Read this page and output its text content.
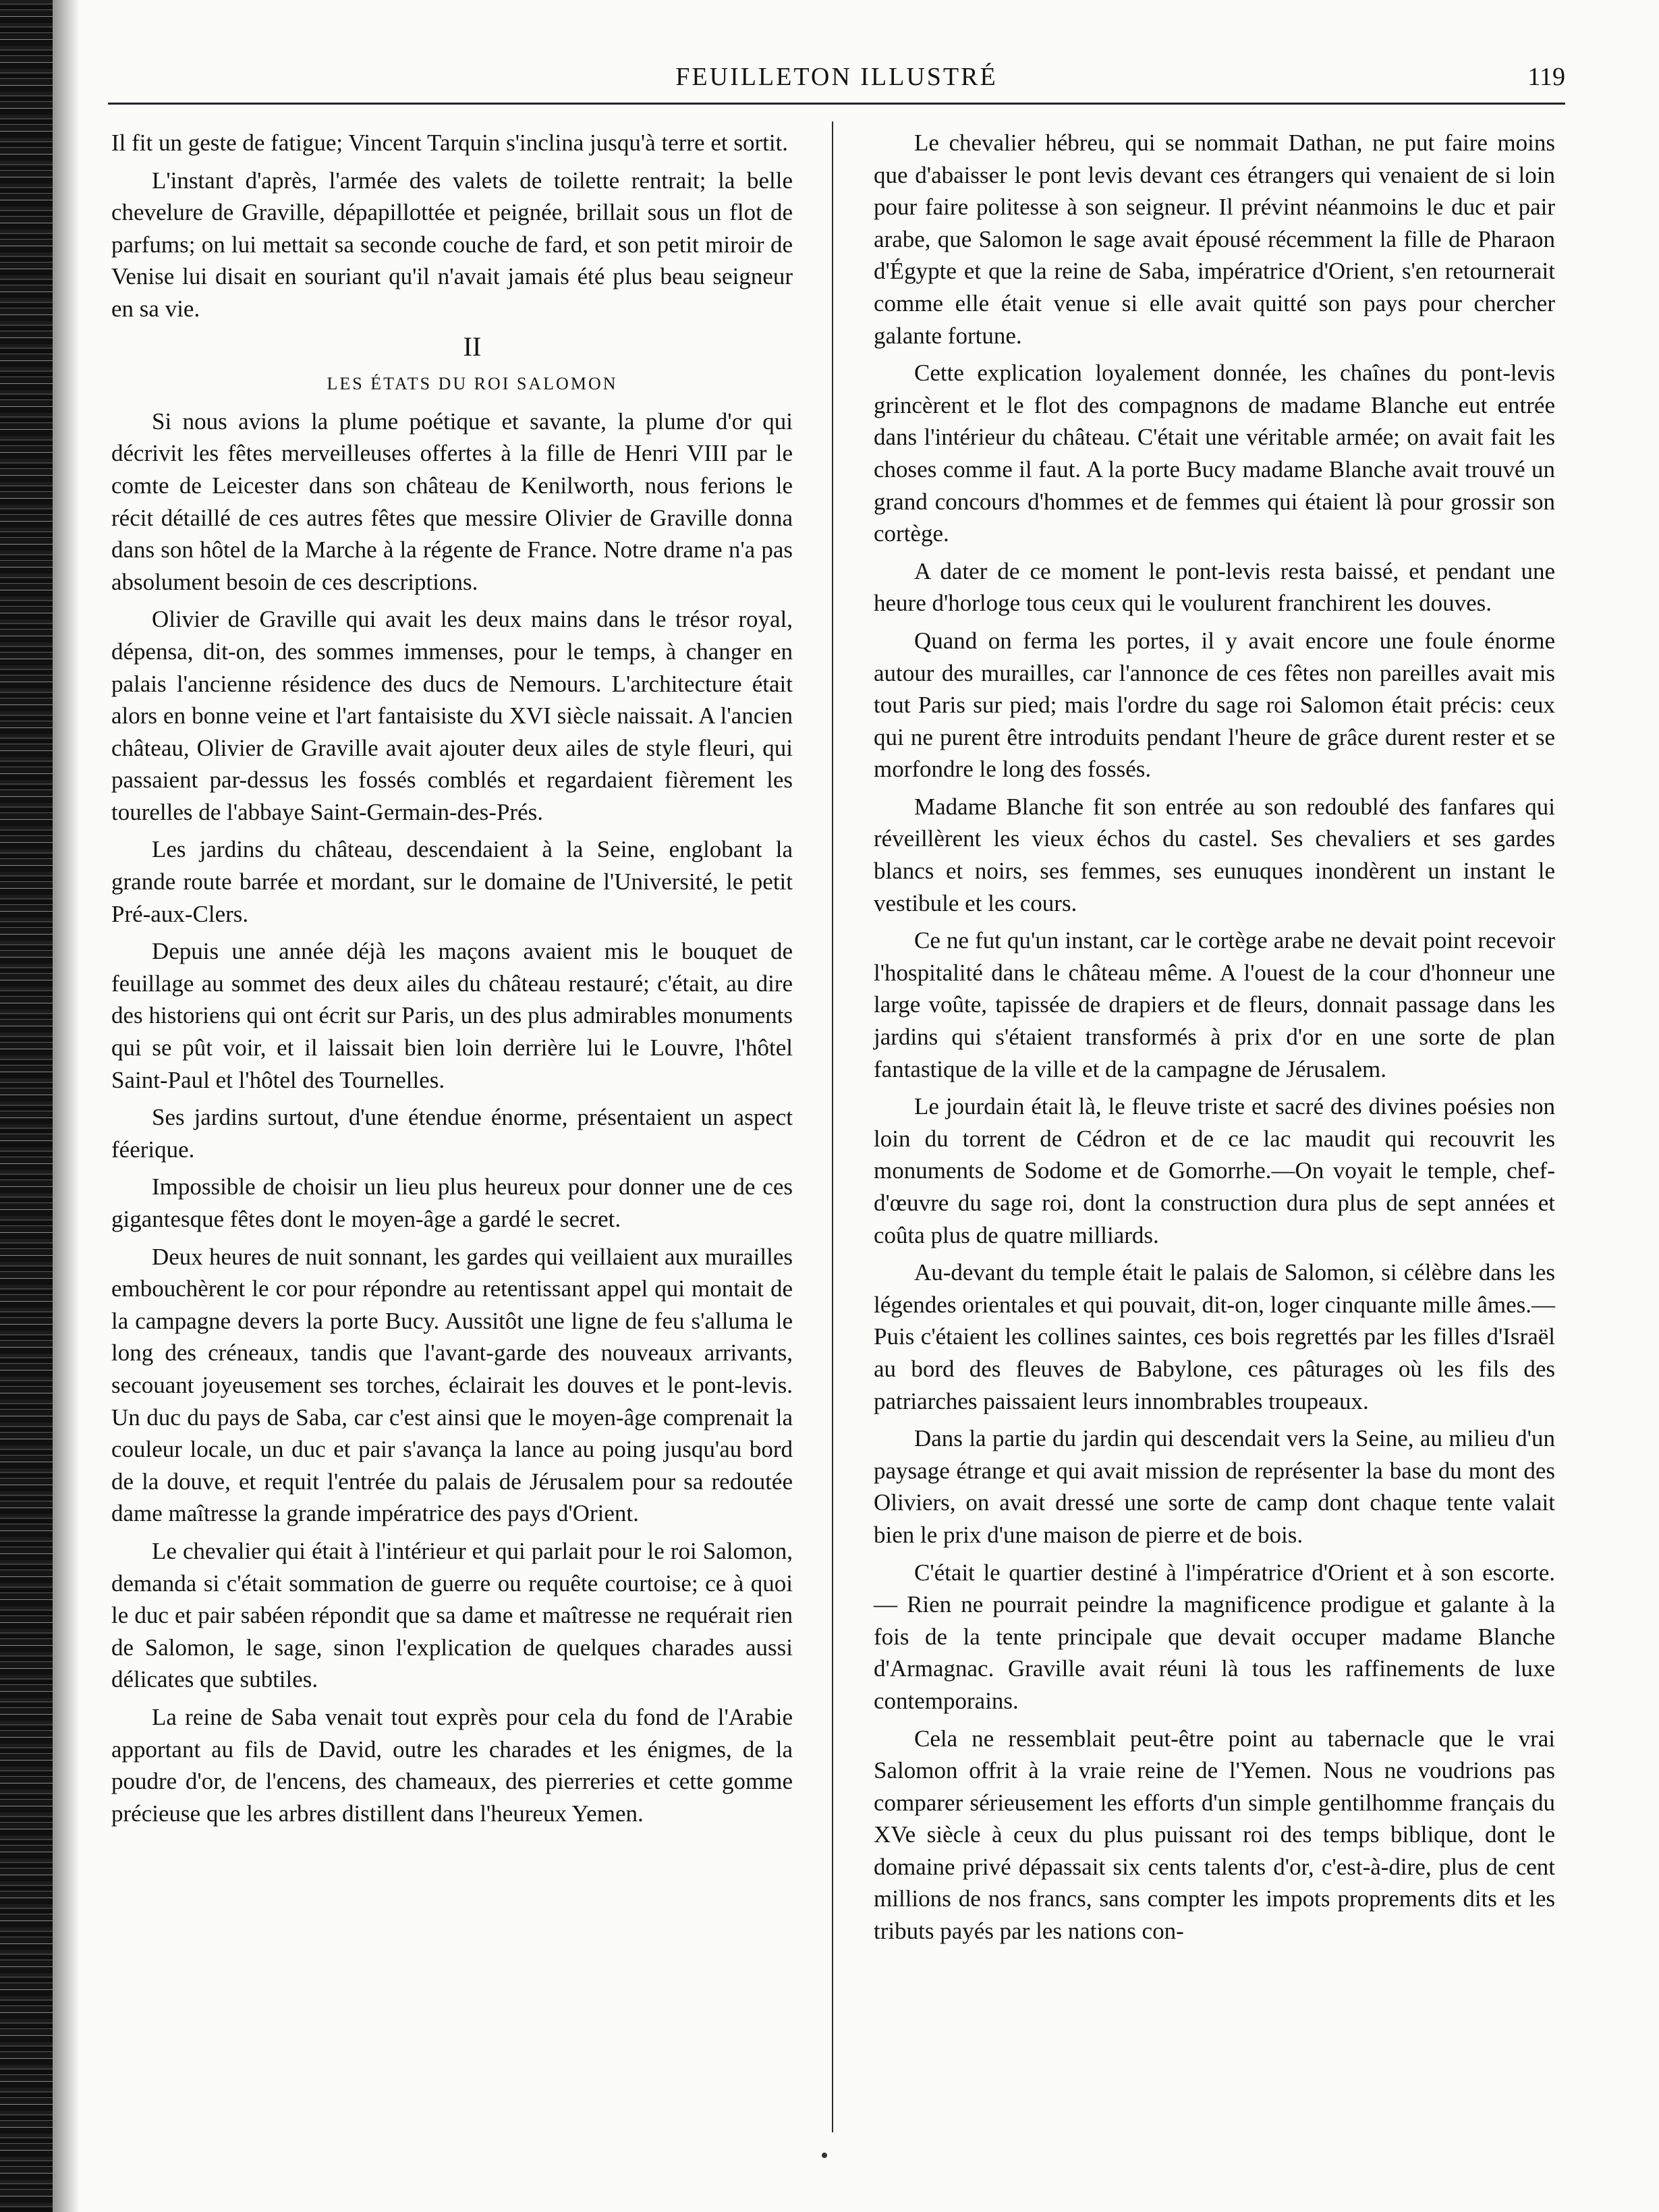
FEUILLETON ILLUSTRÉ	119

Il fit un geste de fatigue; Vincent Tarquin s'inclina jusqu'à terre et sortit.

L'instant d'après, l'armée des valets de toilette rentrait; la belle chevelure de Graville, dépapillottée et peignée, brillait sous un flot de parfums; on lui mettait sa seconde couche de fard, et son petit miroir de Venise lui disait en souriant qu'il n'avait jamais été plus beau seigneur en sa vie.

II

LES ÉTATS DU ROI SALOMON

Si nous avions la plume poétique et savante, la plume d'or qui décrivit les fêtes merveilleuses offertes à la fille de Henri VIII par le comte de Leicester dans son château de Kenilworth, nous ferions le récit détaillé de ces autres fêtes que messire Olivier de Graville donna dans son hôtel de la Marche à la régente de France. Notre drame n'a pas absolument besoin de ces descriptions.

Olivier de Graville qui avait les deux mains dans le trésor royal, dépensa, dit-on, des sommes immenses, pour le temps, à changer en palais l'ancienne résidence des ducs de Nemours. L'architecture était alors en bonne veine et l'art fantaisiste du XVI siècle naissait. A l'ancien château, Olivier de Graville avait ajouter deux ailes de style fleuri, qui passaient par-dessus les fossés comblés et regardaient fièrement les tourelles de l'abbaye Saint-Germain-des-Prés.

Les jardins du château, descendaient à la Seine, englobant la grande route barrée et mordant, sur le domaine de l'Université, le petit Pré-aux-Clers.

Depuis une année déjà les maçons avaient mis le bouquet de feuillage au sommet des deux ailes du château restauré; c'était, au dire des historiens qui ont écrit sur Paris, un des plus admirables monuments qui se pût voir, et il laissait bien loin derrière lui le Louvre, l'hôtel Saint-Paul et l'hôtel des Tournelles.

Ses jardins surtout, d'une étendue énorme, présentaient un aspect féerique.

Impossible de choisir un lieu plus heureux pour donner une de ces gigantesque fêtes dont le moyen-âge a gardé le secret.

Deux heures de nuit sonnant, les gardes qui veillaient aux murailles embouchèrent le cor pour répondre au retentissant appel qui montait de la campagne devers la porte Bucy. Aussitôt une ligne de feu s'alluma le long des créneaux, tandis que l'avant-garde des nouveaux arrivants, secouant joyeusement ses torches, éclairait les douves et le pont-levis. Un duc du pays de Saba, car c'est ainsi que le moyen-âge comprenait la couleur locale, un duc et pair s'avança la lance au poing jusqu'au bord de la douve, et requit l'entrée du palais de Jérusalem pour sa redoutée dame maîtresse la grande impératrice des pays d'Orient.

Le chevalier qui était à l'intérieur et qui parlait pour le roi Salomon, demanda si c'était sommation de guerre ou requête courtoise; ce à quoi le duc et pair sabéen répondit que sa dame et maîtresse ne requérait rien de Salomon, le sage, sinon l'explication de quelques charades aussi délicates que subtiles.

La reine de Saba venait tout exprès pour cela du fond de l'Arabie apportant au fils de David, outre les charades et les énigmes, de la poudre d'or, de l'encens, des chameaux, des pierreries et cette gomme précieuse que les arbres distillent dans l'heureux Yemen.

Le chevalier hébreu, qui se nommait Dathan, ne put faire moins que d'abaisser le pont levis devant ces étrangers qui venaient de si loin pour faire politesse à son seigneur. Il prévint néanmoins le duc et pair arabe, que Salomon le sage avait épousé récemment la fille de Pharaon d'Égypte et que la reine de Saba, impératrice d'Orient, s'en retournerait comme elle était venue si elle avait quitté son pays pour chercher galante fortune.

Cette explication loyalement donnée, les chaînes du pont-levis grincèrent et le flot des compagnons de madame Blanche eut entrée dans l'intérieur du château. C'était une véritable armée; on avait fait les choses comme il faut. A la porte Bucy madame Blanche avait trouvé un grand concours d'hommes et de femmes qui étaient là pour grossir son cortège.

A dater de ce moment le pont-levis resta baissé, et pendant une heure d'horloge tous ceux qui le voulurent franchirent les douves.

Quand on ferma les portes, il y avait encore une foule énorme autour des murailles, car l'annonce de ces fêtes non pareilles avait mis tout Paris sur pied; mais l'ordre du sage roi Salomon était précis: ceux qui ne purent être introduits pendant l'heure de grâce durent rester et se morfondre le long des fossés.

Madame Blanche fit son entrée au son redoublé des fanfares qui réveillèrent les vieux échos du castel. Ses chevaliers et ses gardes blancs et noirs, ses femmes, ses eunuques inondèrent un instant le vestibule et les cours.

Ce ne fut qu'un instant, car le cortège arabe ne devait point recevoir l'hospitalité dans le château même. A l'ouest de la cour d'honneur une large voûte, tapissée de drapiers et de fleurs, donnait passage dans les jardins qui s'étaient transformés à prix d'or en une sorte de plan fantastique de la ville et de la campagne de Jérusalem.

Le jourdain était là, le fleuve triste et sacré des divines poésies non loin du torrent de Cédron et de ce lac maudit qui recouvrit les monuments de Sodome et de Gomorrhe.—On voyait le temple, chef-d'œuvre du sage roi, dont la construction dura plus de sept années et coûta plus de quatre milliards.

Au-devant du temple était le palais de Salomon, si célèbre dans les légendes orientales et qui pouvait, dit-on, loger cinquante mille âmes.—Puis c'étaient les collines saintes, ces bois regrettés par les filles d'Israël au bord des fleuves de Babylone, ces pâturages où les fils des patriarches paissaient leurs innombrables troupeaux.

Dans la partie du jardin qui descendait vers la Seine, au milieu d'un paysage étrange et qui avait mission de représenter la base du mont des Oliviers, on avait dressé une sorte de camp dont chaque tente valait bien le prix d'une maison de pierre et de bois.

C'était le quartier destiné à l'impératrice d'Orient et à son escorte. — Rien ne pourrait peindre la magnificence prodigue et galante à la fois de la tente principale que devait occuper madame Blanche d'Armagnac. Graville avait réuni là tous les raffinements de luxe contemporains.

Cela ne ressemblait peut-être point au tabernacle que le vrai Salomon offrit à la vraie reine de l'Yemen. Nous ne voudrions pas comparer sérieusement les efforts d'un simple gentilhomme français du XVe siècle à ceux du plus puissant roi des temps biblique, dont le domaine privé dépassait six cents talents d'or, c'est-à-dire, plus de cent millions de nos francs, sans compter les impots proprements dits et les tributs payés par les nations con-
